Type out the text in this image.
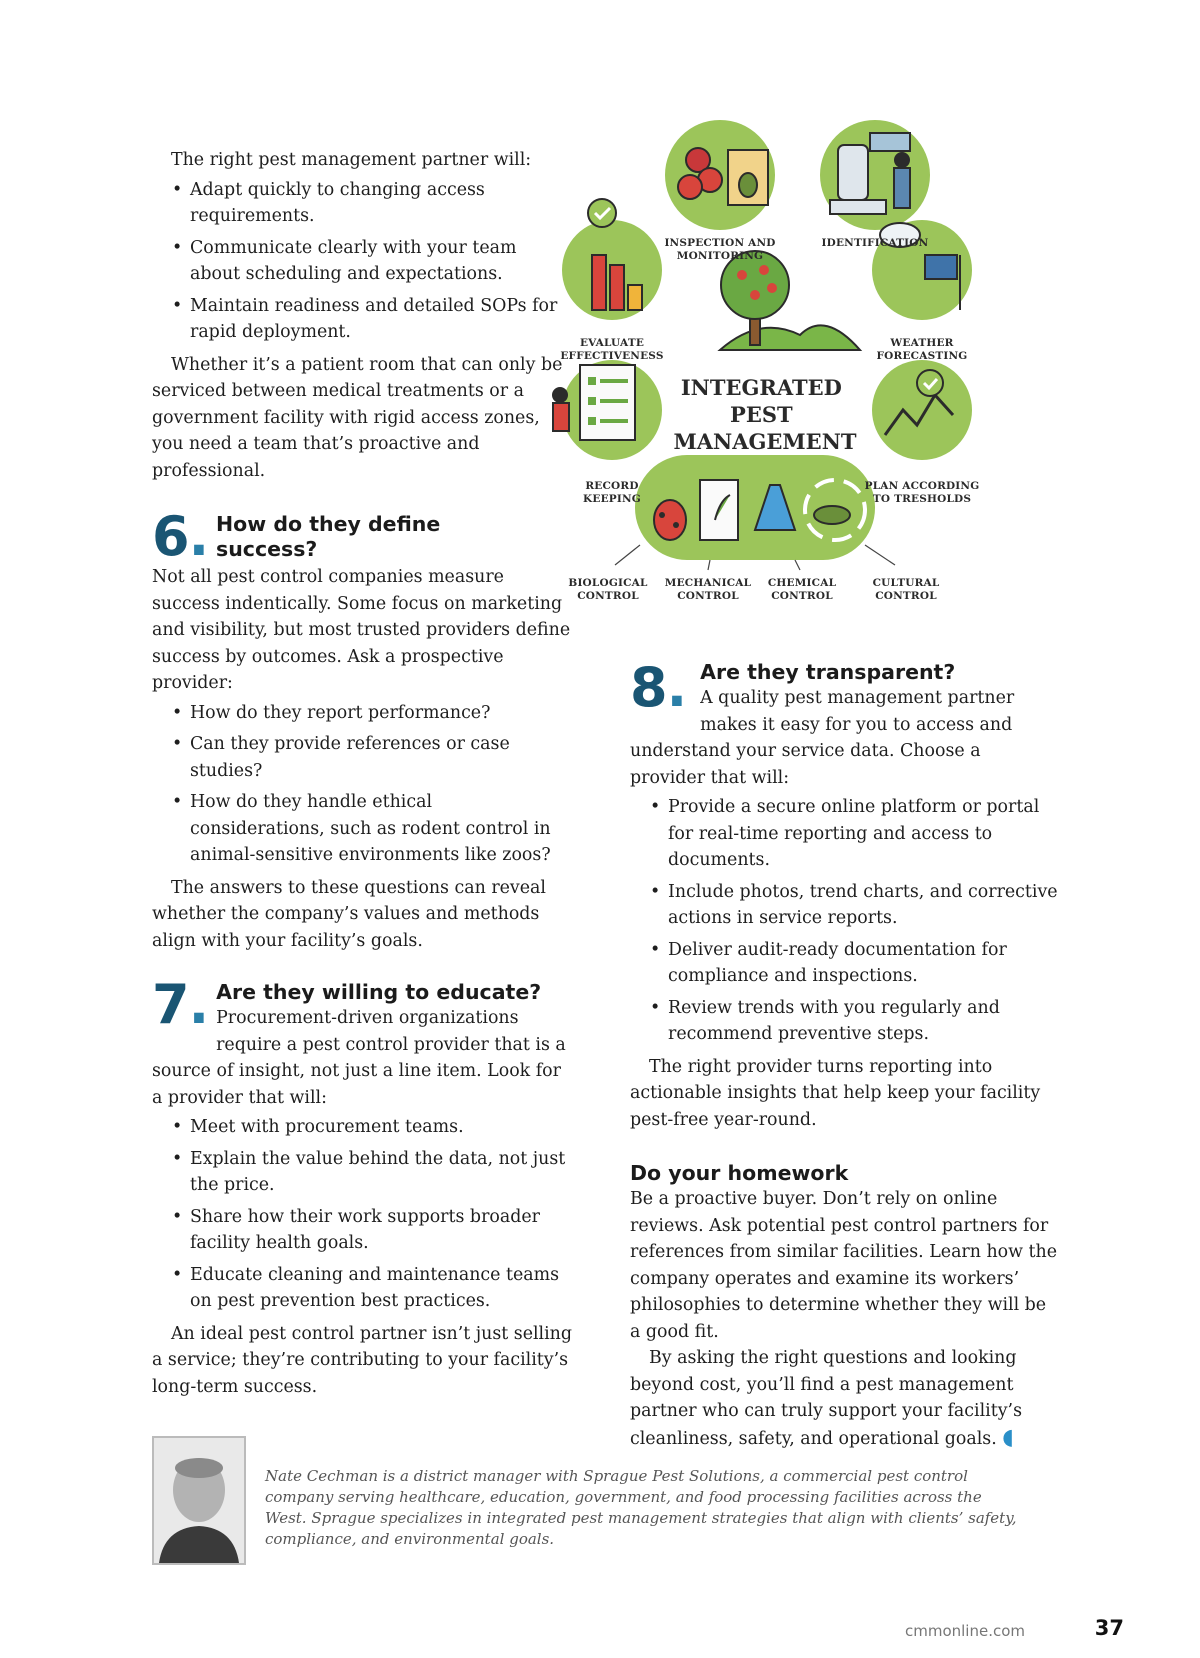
The right pest management partner will:

• Adapt quickly to changing access requirements.
• Communicate clearly with your team about scheduling and expectations.
• Maintain readiness and detailed SOPs for rapid deployment.

Whether it’s a patient room that can only be serviced between medical treatments or a government facility with rigid access zones, you need a team that’s proactive and professional.

6. How do they define success?

Not all pest control companies measure success indentically. Some focus on marketing and visibility, but most trusted providers define success by outcomes. Ask a prospective provider:

• How do they report performance?
• Can they provide references or case studies?
• How do they handle ethical considerations, such as rodent control in animal-sensitive environments like zoos?

The answers to these questions can reveal whether the company’s values and methods align with your facility’s goals.

7. Are they willing to educate?

Procurement-driven organizations require a pest control provider that is a source of insight, not just a line item. Look for a provider that will:

• Meet with procurement teams.
• Explain the value behind the data, not just the price.
• Share how their work supports broader facility health goals.
• Educate cleaning and maintenance teams on pest prevention best practices.

An ideal pest control partner isn’t just selling a service; they’re contributing to your facility’s long-term success.

INSPECTION AND MONITORING
IDENTIFICATION
EVALUATE EFFECTIVENESS
WEATHER FORECASTING
RECORD KEEPING
PLAN ACCORDING TO TRESHOLDS
BIOLOGICAL CONTROL
MECHANICAL CONTROL
CHEMICAL CONTROL
CULTURAL CONTROL
INTEGRATED PEST MANAGEMENT
8. Are they transparent?

A quality pest management partner makes it easy for you to access and understand your service data. Choose a provider that will:

• Provide a secure online platform or portal for real-time reporting and access to documents.
• Include photos, trend charts, and corrective actions in service reports.
• Deliver audit-ready documentation for compliance and inspections.
• Review trends with you regularly and recommend preventive steps.

The right provider turns reporting into actionable insights that help keep your facility pest-free year-round.

Do your homework

Be a proactive buyer. Don’t rely on online reviews. Ask potential pest control partners for references from similar facilities. Learn how the company operates and examine its workers’ philosophies to determine whether they will be a good fit.

By asking the right questions and looking beyond cost, you’ll find a pest management partner who can truly support your facility’s cleanliness, safety, and operational goals. ◖

Nate Cechman is a district manager with Sprague Pest Solutions, a commercial pest control company serving healthcare, education, government, and food processing facilities across the West. Sprague specializes in integrated pest management strategies that align with clients’ safety, compliance, and environmental goals.
cmmonline.com	37
